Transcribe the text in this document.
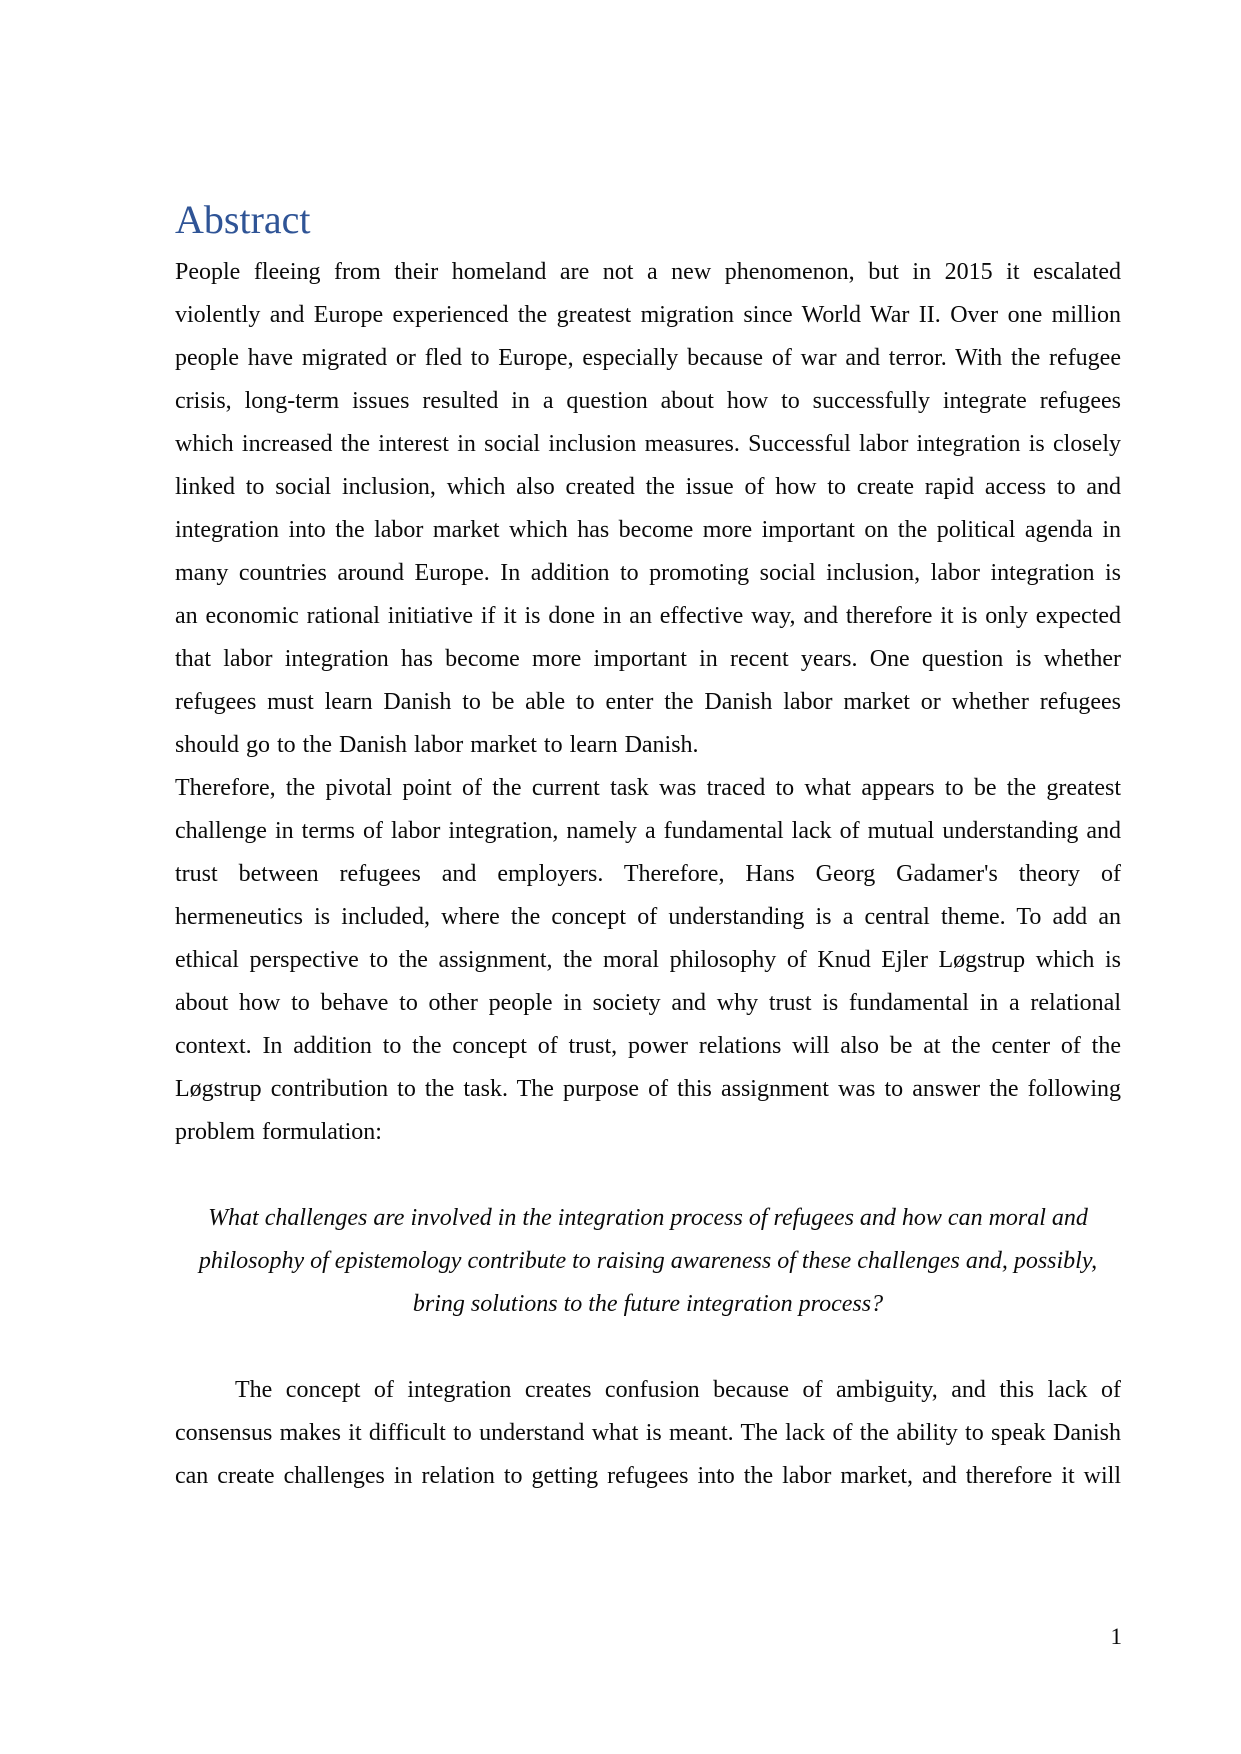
Abstract
People fleeing from their homeland are not a new phenomenon, but in 2015 it escalated
violently and Europe experienced the greatest migration since World War II. Over one million
people have migrated or fled to Europe, especially because of war and terror. With the refugee
crisis, long-term issues resulted in a question about how to successfully integrate refugees
which increased the interest in social inclusion measures. Successful labor integration is closely
linked to social inclusion, which also created the issue of how to create rapid access to and
integration into the labor market which has become more important on the political agenda in
many countries around Europe. In addition to promoting social inclusion, labor integration is
an economic rational initiative if it is done in an effective way, and therefore it is only expected
that labor integration has become more important in recent years. One question is whether
refugees must learn Danish to be able to enter the Danish labor market or whether refugees
should go to the Danish labor market to learn Danish.
Therefore, the pivotal point of the current task was traced to what appears to be the greatest
challenge in terms of labor integration, namely a fundamental lack of mutual understanding and
trust between refugees and employers. Therefore, Hans Georg Gadamer's theory of
hermeneutics is included, where the concept of understanding is a central theme. To add an
ethical perspective to the assignment, the moral philosophy of Knud Ejler Løgstrup which is
about how to behave to other people in society and why trust is fundamental in a relational
context. In addition to the concept of trust, power relations will also be at the center of the
Løgstrup contribution to the task. The purpose of this assignment was to answer the following
problem formulation:
What challenges are involved in the integration process of refugees and how can moral and
philosophy of epistemology contribute to raising awareness of these challenges and, possibly,
bring solutions to the future integration process?
The concept of integration creates confusion because of ambiguity, and this lack of
consensus makes it difficult to understand what is meant. The lack of the ability to speak Danish
can create challenges in relation to getting refugees into the labor market, and therefore it will
1
